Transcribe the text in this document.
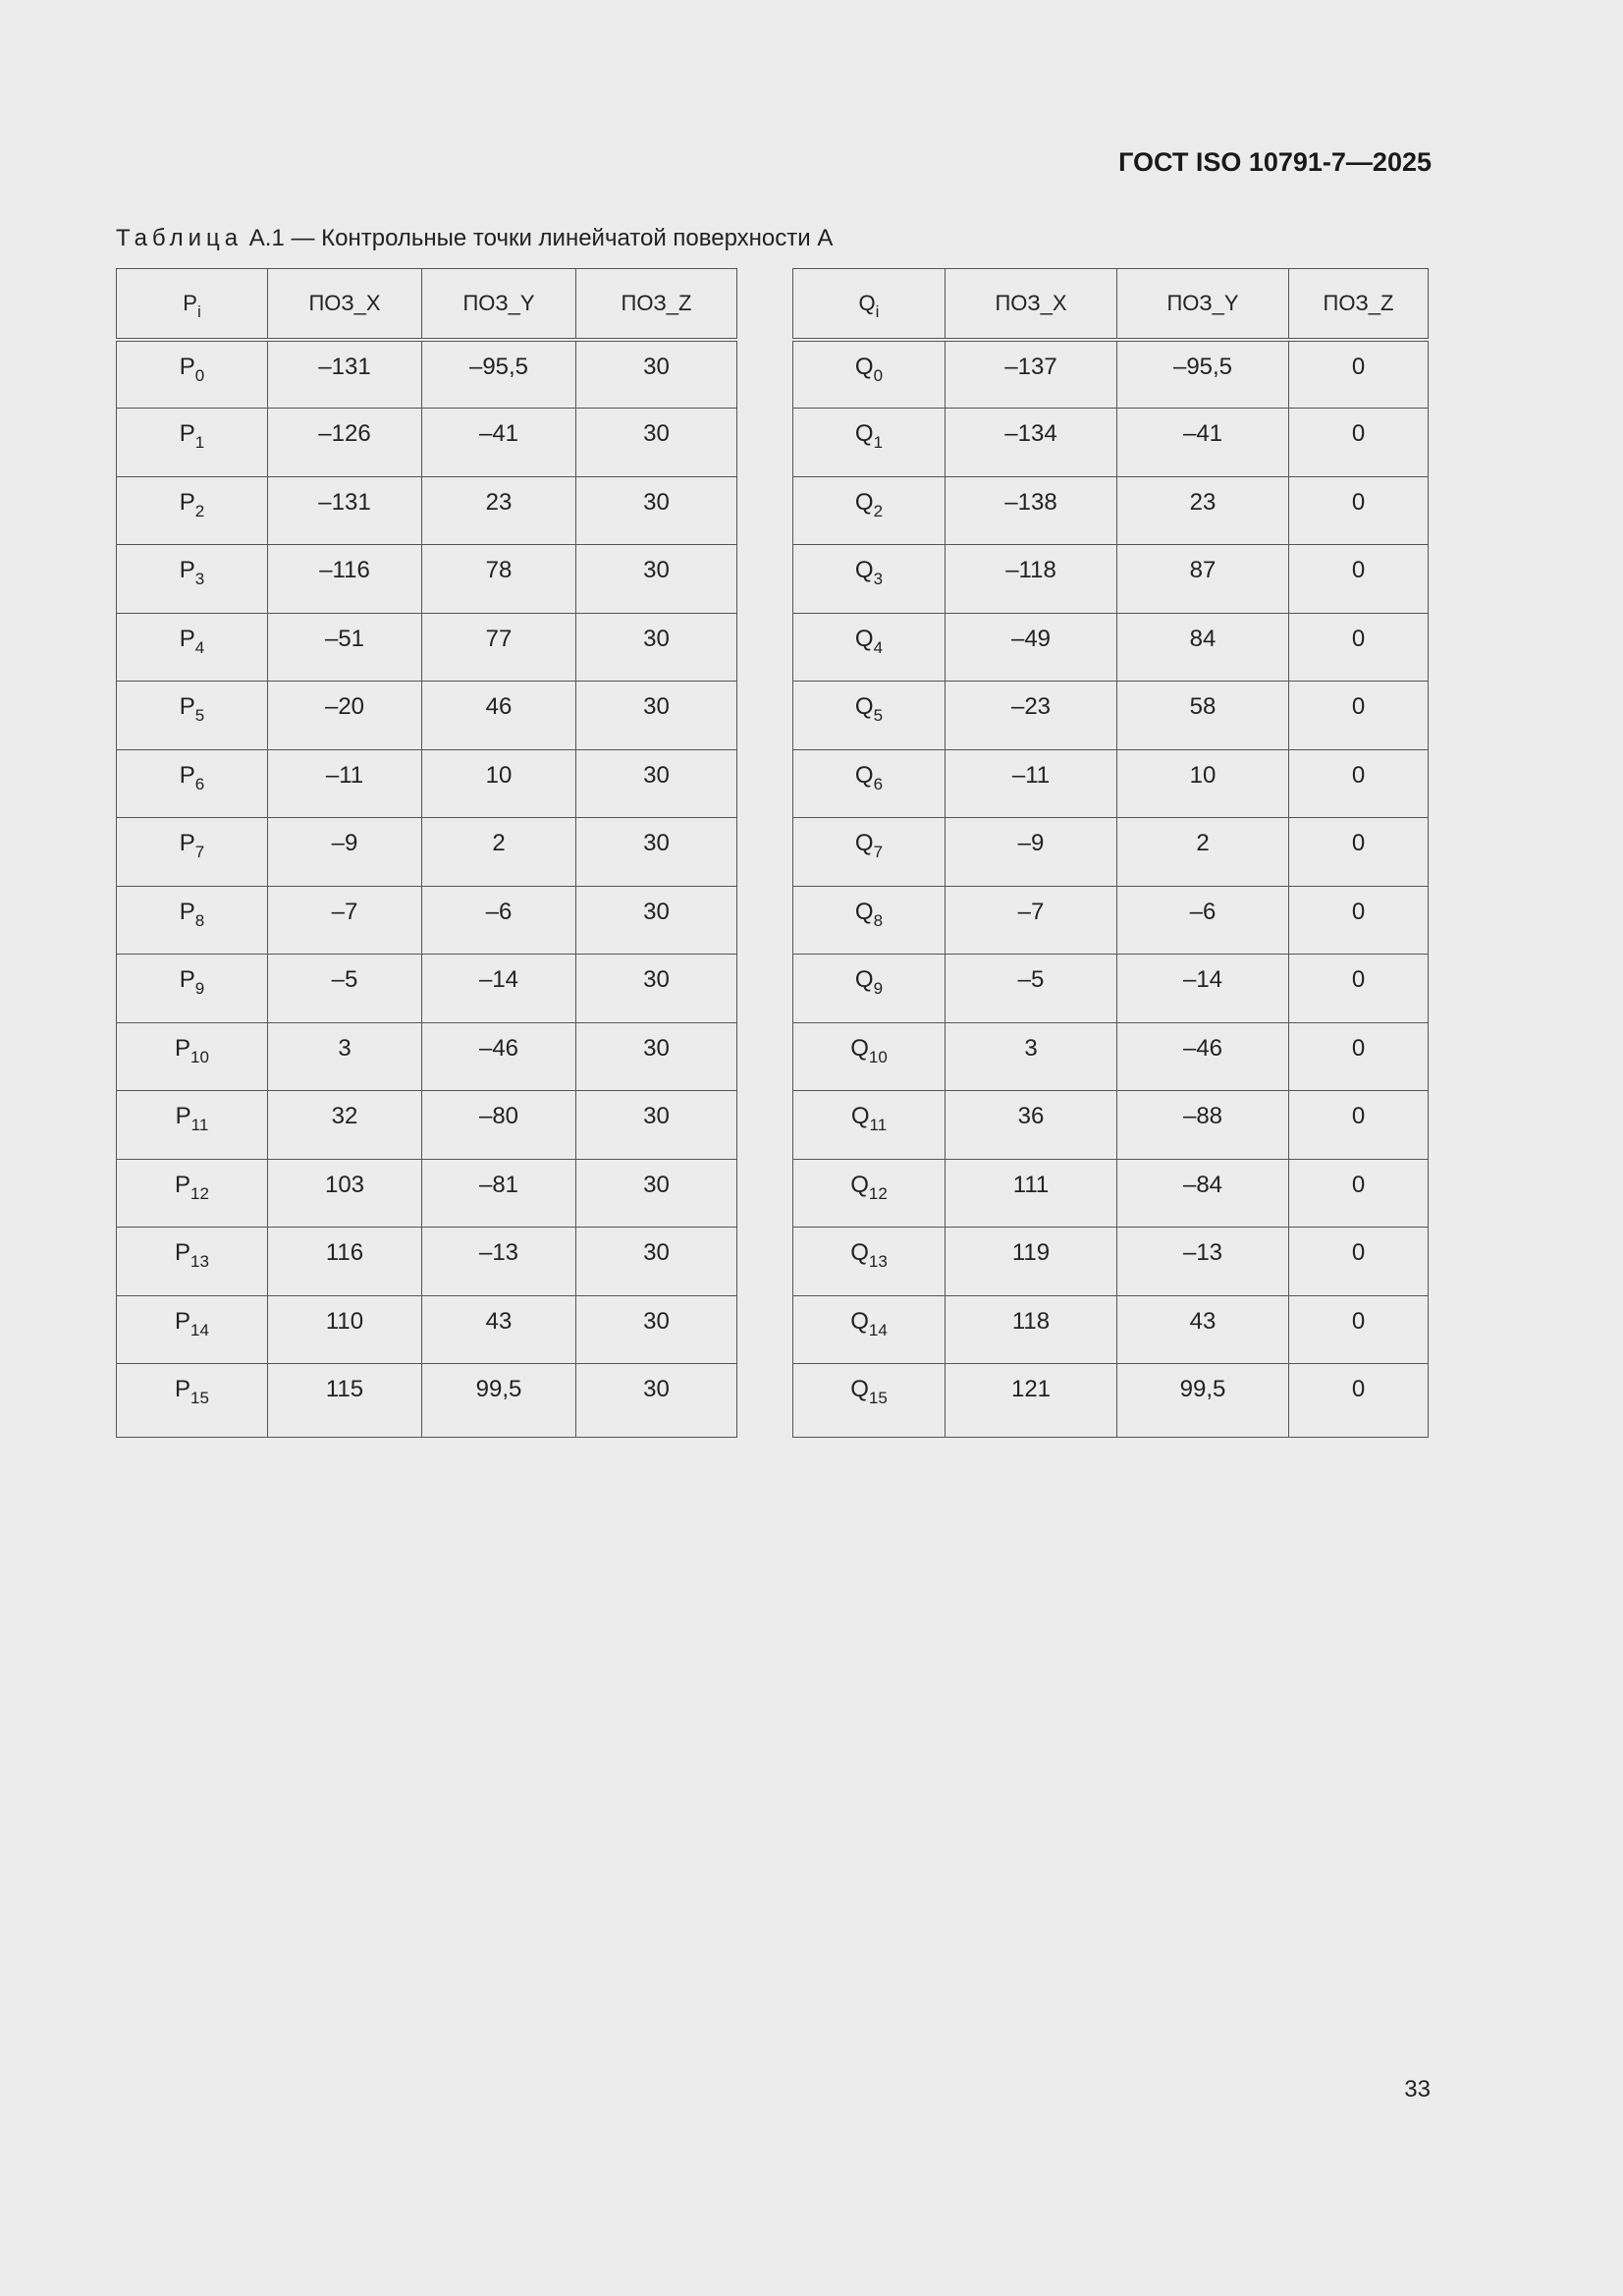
ГОСТ ISO 10791-7—2025
Таблица А.1 — Контрольные точки линейчатой поверхности А
$P_i$	ПОЗ_X	ПОЗ_Y	ПОЗ_Z
$P_0$	–131	–95,5	30
$P_1$	–126	–41	30
$P_2$	–131	23	30
$P_3$	–116	78	30
$P_4$	–51	77	30
$P_5$	–20	46	30
$P_6$	–11	10	30
$P_7$	–9	2	30
$P_8$	–7	–6	30
$P_9$	–5	–14	30
$P_{10}$	3	–46	30
$P_{11}$	32	–80	30
$P_{12}$	103	–81	30
$P_{13}$	116	–13	30
$P_{14}$	110	43	30
$P_{15}$	115	99,5	30
$Q_i$	ПОЗ_X	ПОЗ_Y	ПОЗ_Z
$Q_0$	–137	–95,5	0
$Q_1$	–134	–41	0
$Q_2$	–138	23	0
$Q_3$	–118	87	0
$Q_4$	–49	84	0
$Q_5$	–23	58	0
$Q_6$	–11	10	0
$Q_7$	–9	2	0
$Q_8$	–7	–6	0
$Q_9$	–5	–14	0
$Q_{10}$	3	–46	0
$Q_{11}$	36	–88	0
$Q_{12}$	111	–84	0
$Q_{13}$	119	–13	0
$Q_{14}$	118	43	0
$Q_{15}$	121	99,5	0
33
